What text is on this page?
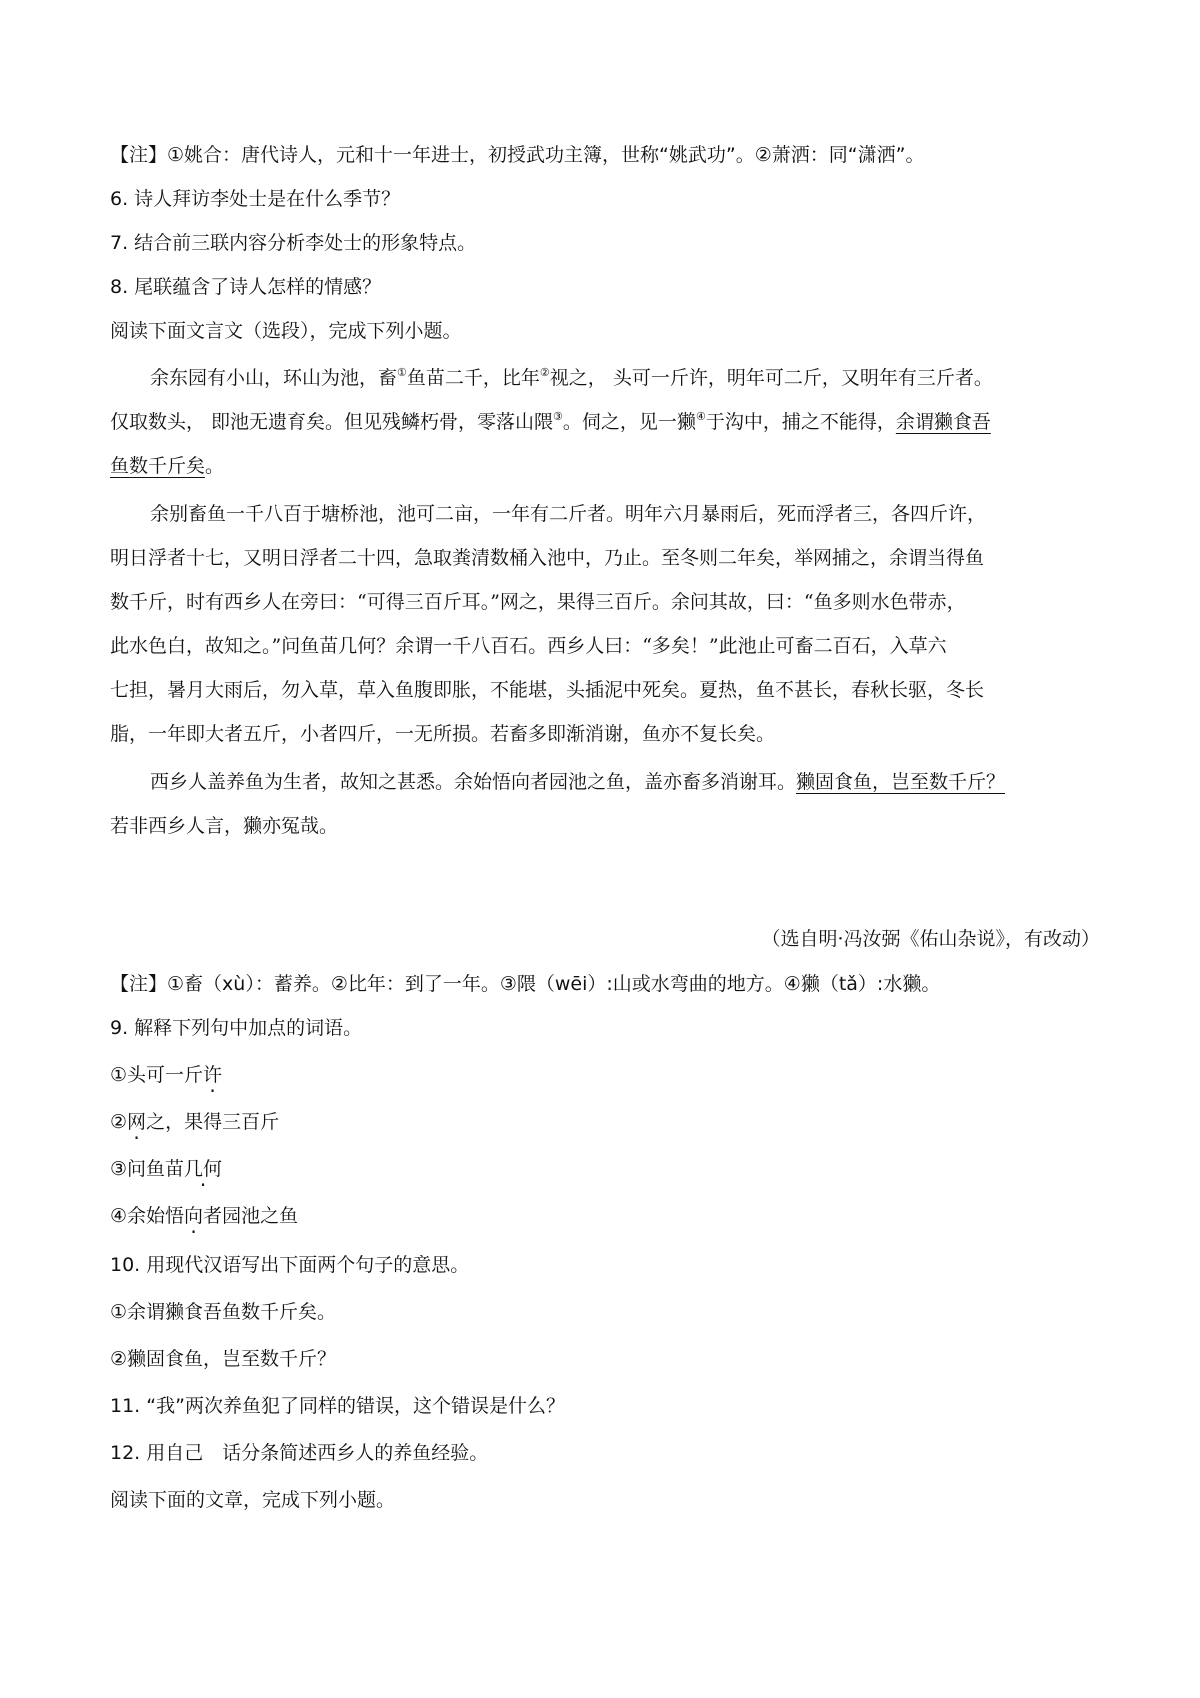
【注】①姚合：唐代诗人，元和十一年进士，初授武功主簿，世称“姚武功”。②萧洒：同“潇洒”。
6. 诗人拜访李处士是在什么季节？
7. 结合前三联内容分析李处士的形象特点。
8. 尾联蕴含了诗人怎样的情感？
阅读下面文言文（选段），完成下列小题。
余东园有小山，环山为池，畜①鱼苗二千，比年②视之， 头可一斤许，明年可二斤，又明年有三斤者。
仅取数头， 即池无遗育矣。但见残鳞朽骨，零落山隈③。伺之，见一獭④于沟中，捕之不能得，余谓獭食吾
鱼数千斤矣。
余别畜鱼一千八百于塘桥池，池可二亩，一年有二斤者。明年六月暴雨后，死而浮者三，各四斤许，
明日浮者十七，又明日浮者二十四，急取粪清数桶入池中，乃止。至冬则二年矣，举网捕之，余谓当得鱼
数千斤，时有西乡人在旁曰：“可得三百斤耳。”网之，果得三百斤。余问其故，曰：“鱼多则水色带赤，
此水色白，故知之。”问鱼苗几何？余谓一千八百石。西乡人曰：“多矣！”此池止可畜二百石，入草六
七担，暑月大雨后，勿入草，草入鱼腹即胀，不能堪，头插泥中死矣。夏热，鱼不甚长，春秋长驱，冬长
脂，一年即大者五斤，小者四斤，一无所损。若畜多即渐消谢，鱼亦不复长矣。
西乡人盖养鱼为生者，故知之甚悉。余始悟向者园池之鱼，盖亦畜多消谢耳。獭固食鱼，岂至数千斤？
若非西乡人言，獭亦冤哉。
（选自明·冯汝弼《佑山杂说》，有改动）
【注】①畜（xù）：蓄养。②比年：到了一年。③隈（wēi）:山或水弯曲的地方。④獭（tǎ）:水獭。
9. 解释下列句中加点的词语。
①头可一斤许
②网之，果得三百斤
③问鱼苗几何
④余始悟向者园池之鱼
10. 用现代汉语写出下面两个句子的意思。
①余谓獭食吾鱼数千斤矣。
②獭固食鱼，岂至数千斤？
11. “我”两次养鱼犯了同样的错误，这个错误是什么？
12. 用自己　话分条简述西乡人的养鱼经验。
阅读下面的文章，完成下列小题。
